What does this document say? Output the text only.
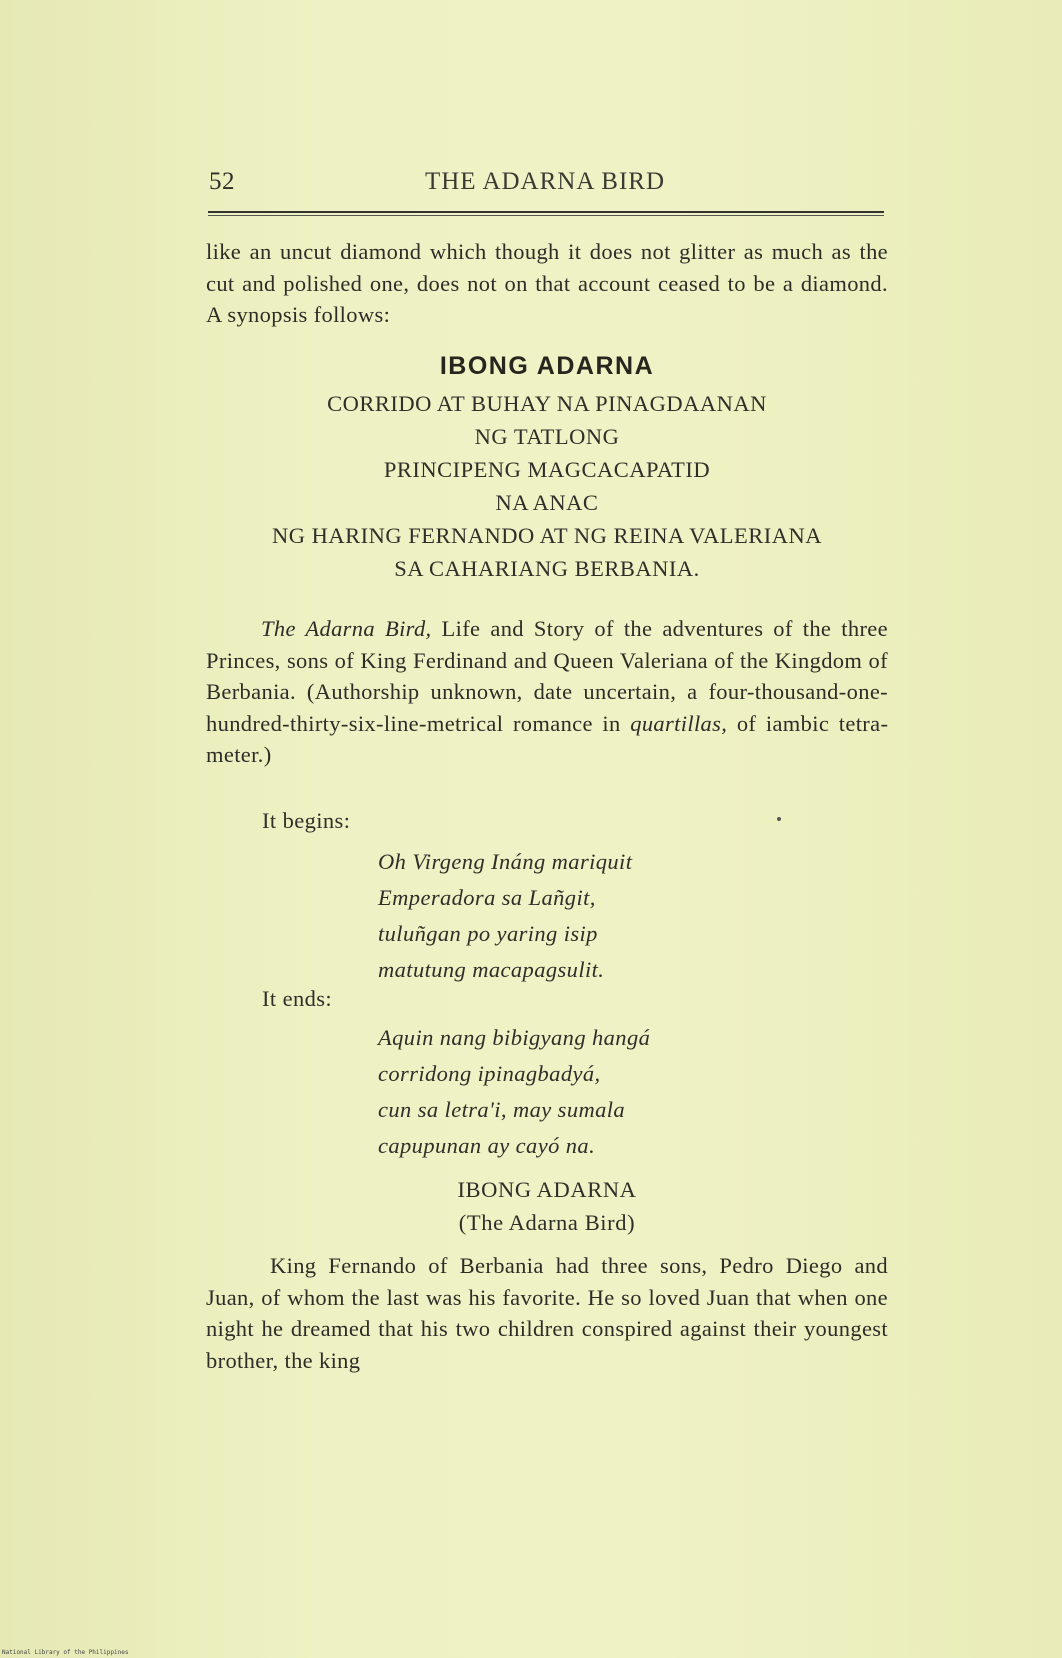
52	THE ADARNA BIRD

like an uncut diamond which though it does not glitter as much as the cut and polished one, does not on that account ceased to be a diamond. A synopsis follows:

IBONG ADARNA
CORRIDO AT BUHAY NA PINAGDAANAN
NG TATLONG
PRINCIPENG MAGCACAPATID
NA ANAC
NG HARING FERNANDO AT NG REINA VALERIANA
SA CAHARIANG BERBANIA.

The Adarna Bird, Life and Story of the adventures of the three Princes, sons of King Ferdinand and Queen Valeriana of the Kingdom of Berbania. (Authorship unknown, date uncertain, a four-thousand-one-hundred-thirty-six-line-metrical romance in quartillas, of iambic tetrameter.)

It begins:
Oh Virgeng Ináng mariquit
Emperadora sa Lañgit,
tuluñgan po yaring isip
matutung macapagsulit.
It ends:
Aquin nang bibigyang hangá
corridong ipinagbadyá,
cun sa letra'i, may sumala
capupunan ay cayó na.
IBONG ADARNA
(The Adarna Bird)

King Fernando of Berbania had three sons, Pedro Diego and Juan, of whom the last was his favorite. He so loved Juan that when one night he dreamed that his two children conspired against their youngest brother, the king

National Library of the Philippines
